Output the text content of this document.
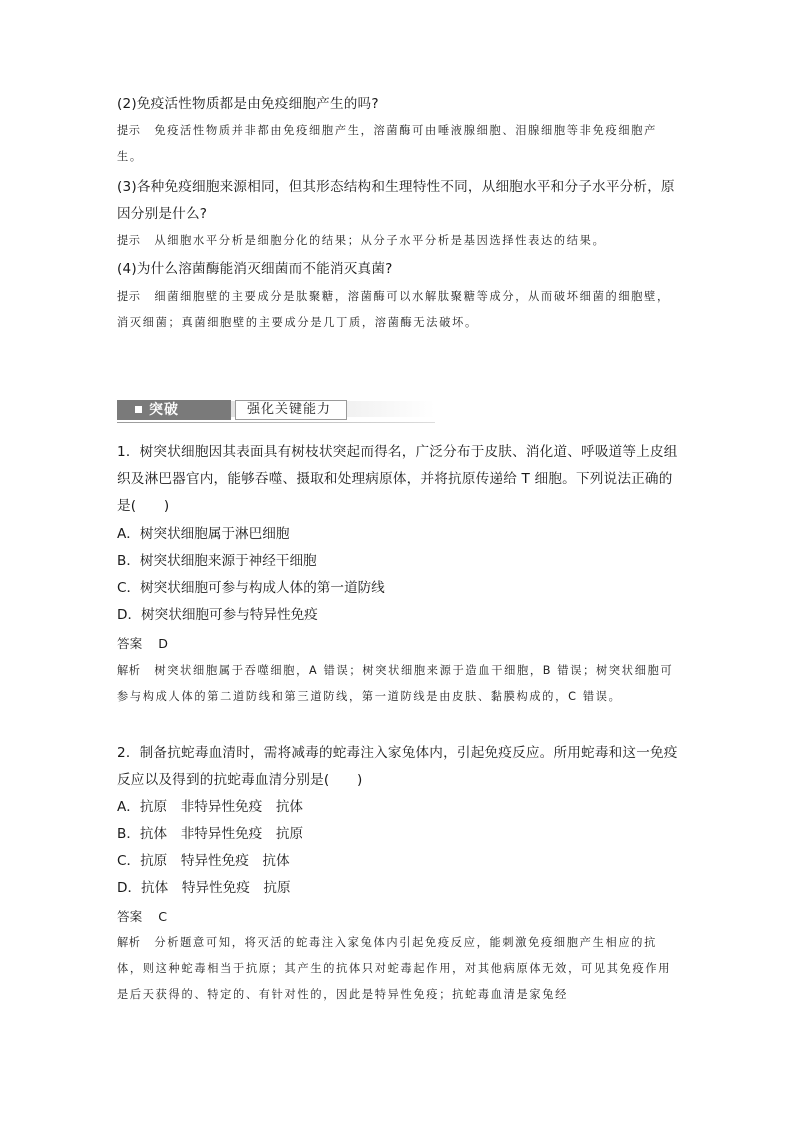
(2)免疫活性物质都是由免疫细胞产生的吗?
提示 免疫活性物质并非都由免疫细胞产生，溶菌酶可由唾液腺细胞、泪腺细胞等非免疫细胞产生。
(3)各种免疫细胞来源相同，但其形态结构和生理特性不同，从细胞水平和分子水平分析，原因分别是什么?
提示 从细胞水平分析是细胞分化的结果；从分子水平分析是基因选择性表达的结果。
(4)为什么溶菌酶能消灭细菌而不能消灭真菌?
提示 细菌细胞壁的主要成分是肽聚糖，溶菌酶可以水解肽聚糖等成分，从而破坏细菌的细胞壁，消灭细菌；真菌细胞壁的主要成分是几丁质，溶菌酶无法破坏。
突破	强化关键能力
1．树突状细胞因其表面具有树枝状突起而得名，广泛分布于皮肤、消化道、呼吸道等上皮组织及淋巴器官内，能够吞噬、摄取和处理病原体，并将抗原传递给 T 细胞。下列说法正确的是(　　)
A．树突状细胞属于淋巴细胞
B．树突状细胞来源于神经干细胞
C．树突状细胞可参与构成人体的第一道防线
D．树突状细胞可参与特异性免疫
答案 D
解析 树突状细胞属于吞噬细胞，A 错误；树突状细胞来源于造血干细胞，B 错误；树突状细胞可参与构成人体的第二道防线和第三道防线，第一道防线是由皮肤、黏膜构成的，C 错误。
2．制备抗蛇毒血清时，需将减毒的蛇毒注入家兔体内，引起免疫反应。所用蛇毒和这一免疫反应以及得到的抗蛇毒血清分别是(　　)
A．抗原　非特异性免疫　抗体
B．抗体　非特异性免疫　抗原
C．抗原　特异性免疫　抗体
D．抗体　特异性免疫　抗原
答案 C
解析 分析题意可知，将灭活的蛇毒注入家兔体内引起免疫反应，能刺激免疫细胞产生相应的抗体，则这种蛇毒相当于抗原；其产生的抗体只对蛇毒起作用，对其他病原体无效，可见其免疫作用是后天获得的、特定的、有针对性的，因此是特异性免疫；抗蛇毒血清是家兔经
